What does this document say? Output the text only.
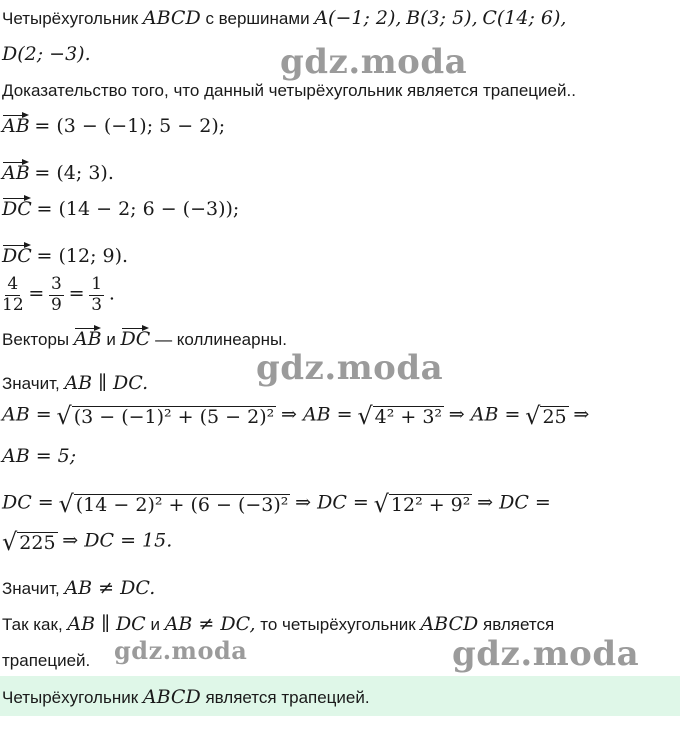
Четырёхугольник ABCD с вершинами A(−1; 2), B(3; 5), C(14; 6),
D(2; −3).
Доказательство того, что данный четырёхугольник является трапецией..
AB = (3 − (−1); 5 − 2);
AB = (4; 3).
DC = (14 − 2; 6 − (−3));
DC = (12; 9).
$\frac{4}{12} = \frac{3}{9} = \frac{1}{3}$ .
Векторы AB и DC — коллинеарны.
Значит, AB ∥ DC.
AB = √ (3 − (−1)² + (5 − 2)² ⇒ AB = √ 4² + 3² ⇒ AB = √ 25 ⇒
AB = 5;
DC = √ (14 − 2)² + (6 − (−3)² ⇒ DC = √ 12² + 9² ⇒ DC =
√ 225 ⇒ DC = 15.
Значит, AB ≠ DC.
Так как, AB ∥ DC и AB ≠ DC, то четырёхугольник ABCD является
трапецией.
Четырёхугольник ABCD является трапецией.
gdz.moda
gdz.moda
gdz.moda	gdz.moda
